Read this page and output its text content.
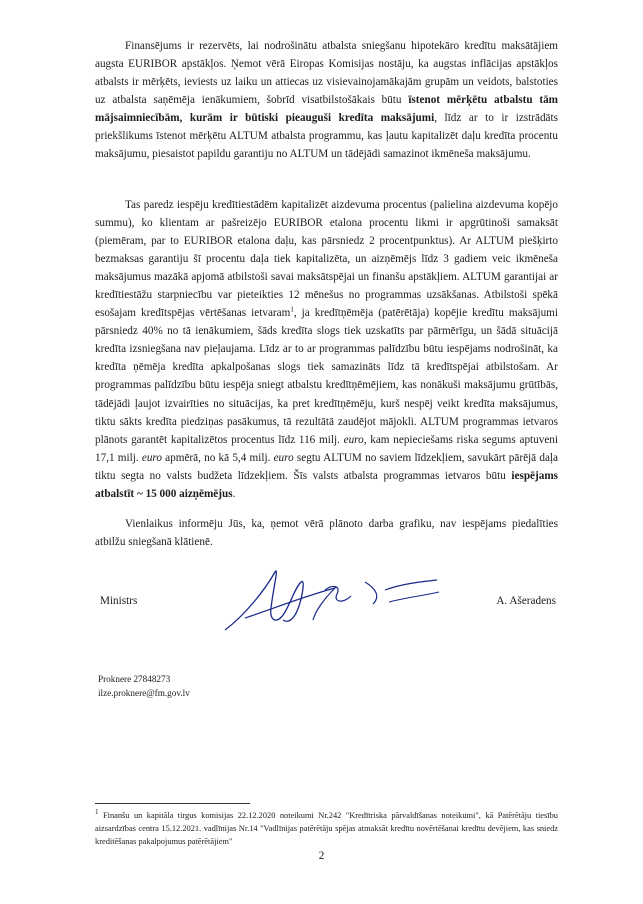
Finansējums ir rezervēts, lai nodrošinātu atbalsta sniegšanu hipotekāro kredītu maksātājiem augsta EURIBOR apstākļos. Ņemot vērā Eiropas Komisijas nostāju, ka augstas inflācijas apstākļos atbalsts ir mērķēts, ieviests uz laiku un attiecas uz visievainojamākajām grupām un veidots, balstoties uz atbalsta saņēmēja ienākumiem, šobrīd visatbilstošākais būtu īstenot mērķētu atbalstu tām mājsaimniecībām, kurām ir būtiski pieauguši kredīta maksājumi, līdz ar to ir izstrādāts priekšlikums īstenot mērķētu ALTUM atbalsta programmu, kas ļautu kapitalizēt daļu kredīta procentu maksājumu, piesaistot papildu garantiju no ALTUM un tādējādi samazinot ikmēneša maksājumu.

Tas paredz iespēju kredītiestādēm kapitalizēt aizdevuma procentus (palielina aizdevuma kopējo summu), ko klientam ar pašreizējo EURIBOR etalona procentu likmi ir apgrūtinoši samaksāt (piemēram, par to EURIBOR etalona daļu, kas pārsniedz 2 procentpunktus). Ar ALTUM piešķirto bezmaksas garantiju šī procentu daļa tiek kapitalizēta, un aizņēmējs līdz 3 gadiem veic ikmēneša maksājumus mazākā apjomā atbilstoši savai maksātspējai un finanšu apstākļiem. ALTUM garantijai ar kredītiestāžu starpniecību var pieteikties 12 mēnešus no programmas uzsākšanas. Atbilstoši spēkā esošajam kredītspējas vērtēšanas ietvaram$^1$, ja kredītņēmēja (patērētāja) kopējie kredītu maksājumi pārsniedz 40% no tā ienākumiem, šāds kredīta slogs tiek uzskatīts par pārmērīgu, un šādā situācijā kredīta izsniegšana nav pieļaujama. Līdz ar to ar programmas palīdzību būtu iespējams nodrošināt, ka kredīta ņēmēja kredīta apkalpošanas slogs tiek samazināts līdz tā kredītspējai atbilstošam. Ar programmas palīdzību būtu iespēja sniegt atbalstu kredītņēmējiem, kas nonākuši maksājumu grūtībās, tādējādi ļaujot izvairīties no situācijas, ka pret kredītņēmēju, kurš nespēj veikt kredīta maksājumus, tiktu sākts kredīta piedziņas pasākumus, tā rezultātā zaudējot mājokli. ALTUM programmas ietvaros plānots garantēt kapitalizētos procentus līdz 116 milj. euro, kam nepieciešams riska segums aptuveni 17,1 milj. euro apmērā, no kā 5,4 milj. euro segtu ALTUM no saviem līdzekļiem, savukārt pārējā daļa tiktu segta no valsts budžeta līdzekļiem. Šīs valsts atbalsta programmas ietvaros būtu iespējams atbalstīt ~ 15 000 aizņēmējus.

Vienlaikus informēju Jūs, ka, ņemot vērā plānoto darba grafiku, nav iespējams piedalīties atbilžu sniegšanā klātienē.

Ministrs	A. Ašeradens
Proknere 27848273
ilze.proknere@fm.gov.lv

$^1$ Finanšu un kapitāla tirgus komisijas 22.12.2020 noteikumi Nr.242 "Kredītriska pārvaldīšanas noteikumi", kā Patērētāju tiesību aizsardzības centra 15.12.2021. vadlīnijas Nr.14 "Vadlīnijas patērētāju spējas atmaksāt kredītu novērtēšanai kredītu devējiem, kas sniedz kreditēšanas pakalpojumus patērētājiem"

2
